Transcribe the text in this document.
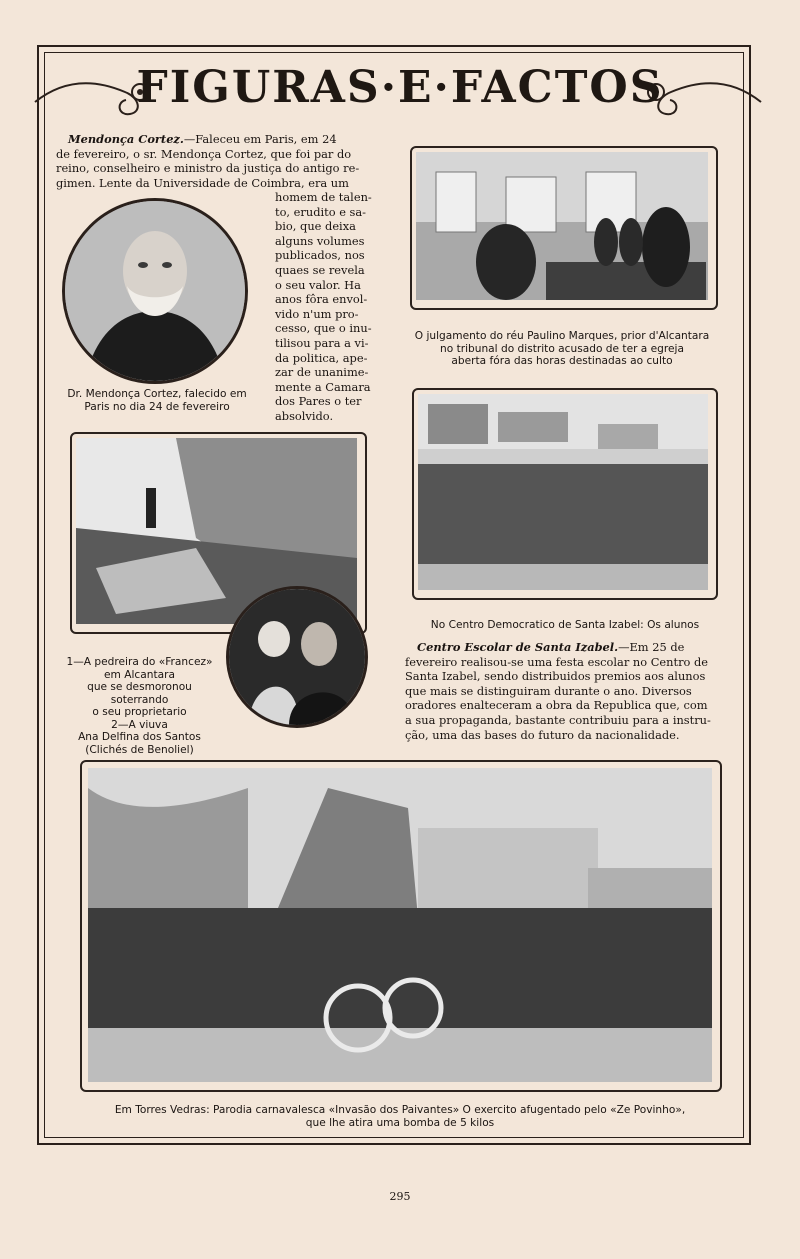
FIGURAS·E·FACTOS
Mendonça Cortez.—Faleceu em Paris, em 24
de fevereiro, o sr. Mendonça Cortez, que foi par do
reino, conselheiro e ministro da justiça do antigo re-
gimen. Lente da Universidade de Coimbra, era um
homem de talen-
to, erudito e sa-
bio, que deixa
alguns volumes
publicados, nos
quaes se revela
o seu valor. Ha
anos fôra envol-
vido n'um pro-
cesso, que o inu-
tilisou para a vi-
da politica, ape-
zar de unanime-
mente a Camara
dos Pares o ter
absolvido.
Dr. Mendonça Cortez, falecido em
Paris no dia 24 de fevereiro
O julgamento do réu Paulino Marques, prior d'Alcantara
no tribunal do distrito acusado de ter a egreja
aberta fóra das horas destinadas ao culto
No Centro Democratico de Santa Izabel: Os alunos
1—A pedreira do «Francez»
em Alcantara
que se desmoronou
soterrando
o seu proprietario
2—A viuva
Ana Delfina dos Santos
(Clichés de Benoliel)
Centro Escolar de Santa Izabel.—Em 25 de
fevereiro realisou-se uma festa escolar no Centro de
Santa Izabel, sendo distribuidos premios aos alunos
que mais se distinguiram durante o ano. Diversos
oradores enalteceram a obra da Republica que, com
a sua propaganda, bastante contribuiu para a instru-
ção, uma das bases do futuro da nacionalidade.
Em Torres Vedras: Parodia carnavalesca «Invasão dos Paivantes» O exercito afugentado pelo «Ze Povinho»,
que lhe atira uma bomba de 5 kilos
295
